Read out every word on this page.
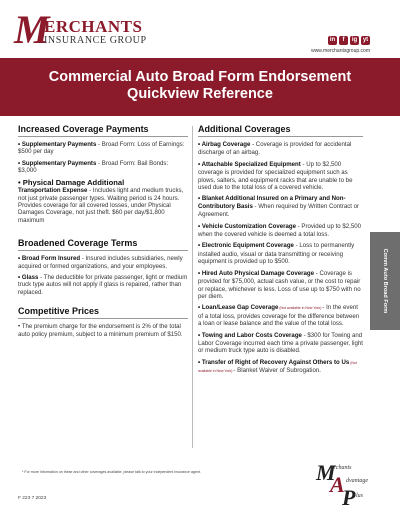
M
ERCHANTS
INSURANCE GROUP	in	f	ig yt
www.merchantsgroup.com
Commercial Auto Broad Form Endorsement
Quickview Reference
Increased Coverage Payments
• Supplementary Payments - Broad Form: Loss of Earnings: $500 per day
• Supplementary Payments - Broad Form: Bail Bonds: $3,000
• Physical Damage Additional
Transportation Expense - Includes light and medium trucks, not just private passenger types. Waiting period is 24 hours. Provides coverage for all covered losses, under Physical Damages Coverage, not just theft. $60 per day/$1,800 maximum
Broadened Coverage Terms
• Broad Form Insured - Insured includes subsidiaries, newly acquired or formed organizations, and your employees.
• Glass - The deductible for private passenger, light or medium truck type autos will not apply if glass is repaired, rather than replaced.
Competitive Prices
• The premium charge for the endorsement is 2% of the total auto policy premium, subject to a minimum premium of $150.
Additional Coverages
• Airbag Coverage - Coverage is provided for accidental discharge of an airbag.
• Attachable Specialized Equipment - Up to $2,500 coverage is provided for specialized equipment such as plows, salters, and equipment racks that are unable to be used due to the total loss of a covered vehicle.
• Blanket Additional Insured on a Primary and Non-Contributory Basis - When required by Written Contract or Agreement.
• Vehicle Customization Coverage - Provided up to $2,500 when the covered vehicle is deemed a total loss.
• Electronic Equipment Coverage - Loss to permanently installed audio, visual or data transmitting or receiving equipment is provided up to $500.
• Hired Auto Physical Damage Coverage - Coverage is provided for $75,000, actual cash value, or the cost to repair or replace, whichever is less. Loss of use up to $750 with no per diem.
• Loan/Lease Gap Coverage (Not available in New York) - In the event of a total loss, provides coverage for the difference between a loan or lease balance and the value of the total loss.
• Towing and Labor Costs Coverage - $300 for Towing and Labor Coverage incurred each time a private passenger, light or medium truck type auto is disabled.
• Transfer of Right of Recovery Against Others to Us (Not available in New York) - Blanket Waiver of Subrogation.
Comm Auto Broad Form
* For more information on these and other coverages available, please talk to your independent insurance agent.
F 223 7 2023
M
erchants
A dvantage
P lus
